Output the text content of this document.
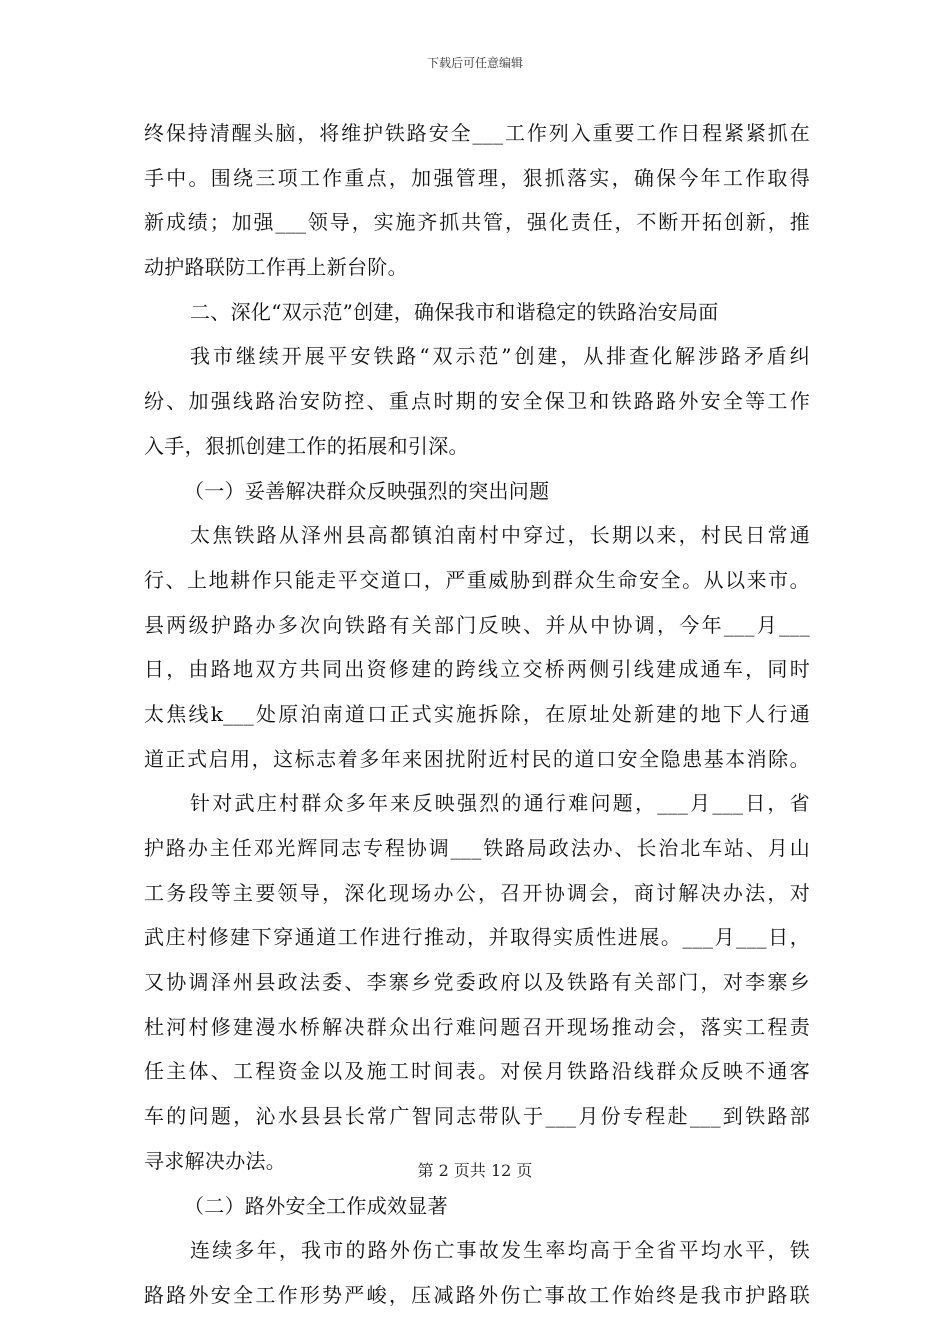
下载后可任意编辑
终保持清醒头脑，将维护铁路安全___工作列入重要工作日程紧紧抓在
手中。围绕三项工作重点，加强管理，狠抓落实，确保今年工作取得
新成绩；加强___领导，实施齐抓共管，强化责任，不断开拓创新，推
动护路联防工作再上新台阶。
二、深化“双示范”创建，确保我市和谐稳定的铁路治安局面
我市继续开展平安铁路“双示范”创建，从排查化解涉路矛盾纠
纷、加强线路治安防控、重点时期的安全保卫和铁路路外安全等工作
入手，狠抓创建工作的拓展和引深。
（一）妥善解决群众反映强烈的突出问题
太焦铁路从泽州县高都镇泊南村中穿过，长期以来，村民日常通
行、上地耕作只能走平交道口，严重威胁到群众生命安全。从以来市。
县两级护路办多次向铁路有关部门反映、并从中协调，今年___月___
日，由路地双方共同出资修建的跨线立交桥两侧引线建成通车，同时
太焦线k___处原泊南道口正式实施拆除，在原址处新建的地下人行通
道正式启用，这标志着多年来困扰附近村民的道口安全隐患基本消除。
针对武庄村群众多年来反映强烈的通行难问题，___月___日，省
护路办主任邓光辉同志专程协调___铁路局政法办、长治北车站、月山
工务段等主要领导，深化现场办公，召开协调会，商讨解决办法，对
武庄村修建下穿通道工作进行推动，并取得实质性进展。___月___日，
又协调泽州县政法委、李寨乡党委政府以及铁路有关部门，对李寨乡
杜河村修建漫水桥解决群众出行难问题召开现场推动会，落实工程责
任主体、工程资金以及施工时间表。对侯月铁路沿线群众反映不通客
车的问题，沁水县县长常广智同志带队于___月份专程赴___到铁路部
寻求解决办法。
（二）路外安全工作成效显著
连续多年，我市的路外伤亡事故发生率均高于全省平均水平，铁
路路外安全工作形势严峻，压减路外伤亡事故工作始终是我市护路联
第 2 页共 12 页
